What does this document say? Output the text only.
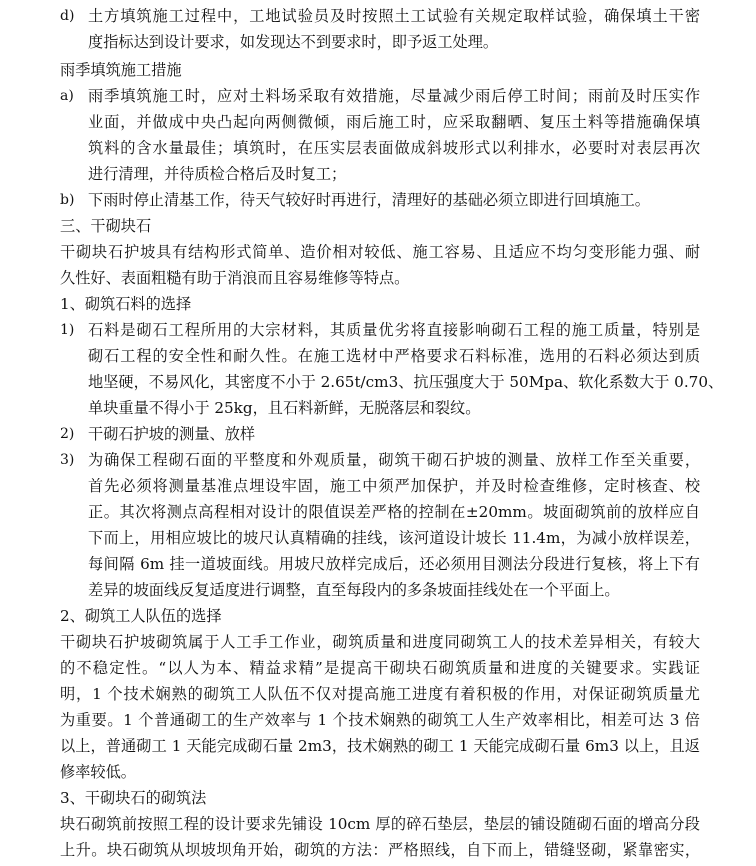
d) 土方填筑施工过程中，工地试验员及时按照土工试验有关规定取样试验，确保填土干密
度指标达到设计要求，如发现达不到要求时，即予返工处理。
雨季填筑施工措施
a) 雨季填筑施工时，应对土料场采取有效措施，尽量减少雨后停工时间；雨前及时压实作
业面，并做成中央凸起向两侧微倾，雨后施工时，应采取翻晒、复压土料等措施确保填
筑料的含水量最佳；填筑时，在压实层表面做成斜坡形式以利排水，必要时对表层再次
进行清理，并待质检合格后及时复工；
b) 下雨时停止清基工作，待天气较好时再进行，清理好的基础必须立即进行回填施工。
三、干砌块石
干砌块石护坡具有结构形式简单、造价相对较低、施工容易、且适应不均匀变形能力强、耐
久性好、表面粗糙有助于消浪而且容易维修等特点。
1、砌筑石料的选择
1) 石料是砌石工程所用的大宗材料，其质量优劣将直接影响砌石工程的施工质量，特别是
砌石工程的安全性和耐久性。在施工选材中严格要求石料标准，选用的石料必须达到质
地坚硬，不易风化，其密度不小于 2.65t/cm3、抗压强度大于 50Mpa、软化系数大于 0.70、
单块重量不得小于 25kg，且石料新鲜，无脱落层和裂纹。
2) 干砌石护坡的测量、放样
3) 为确保工程砌石面的平整度和外观质量，砌筑干砌石护坡的测量、放样工作至关重要，
首先必须将测量基准点埋设牢固，施工中须严加保护，并及时检查维修，定时核查、校
正。其次将测点高程相对设计的限值误差严格的控制在±20mm。坡面砌筑前的放样应自
下而上，用相应坡比的坡尺认真精确的挂线，该河道设计坡长 11.4m，为减小放样误差，
每间隔 6m 挂一道坡面线。用坡尺放样完成后，还必须用目测法分段进行复核，将上下有
差异的坡面线反复适度进行调整，直至每段内的多条坡面挂线处在一个平面上。
2、砌筑工人队伍的选择
干砌块石护坡砌筑属于人工手工作业，砌筑质量和进度同砌筑工人的技术差异相关，有较大
的不稳定性。“以人为本、精益求精”是提高干砌块石砌筑质量和进度的关键要求。实践证
明，1 个技术娴熟的砌筑工人队伍不仅对提高施工进度有着积极的作用，对保证砌筑质量尤
为重要。1 个普通砌工的生产效率与 1 个技术娴熟的砌筑工人生产效率相比，相差可达 3 倍
以上，普通砌工 1 天能完成砌石量 2m3，技术娴熟的砌工 1 天能完成砌石量 6m3 以上，且返
修率较低。
3、干砌块石的砌筑法
块石砌筑前按照工程的设计要求先铺设 10cm 厚的碎石垫层，垫层的铺设随砌石面的增高分段
上升。块石砌筑从坝坡坝角开始，砌筑的方法：严格照线，自下而上，错缝竖砌，紧靠密实，
